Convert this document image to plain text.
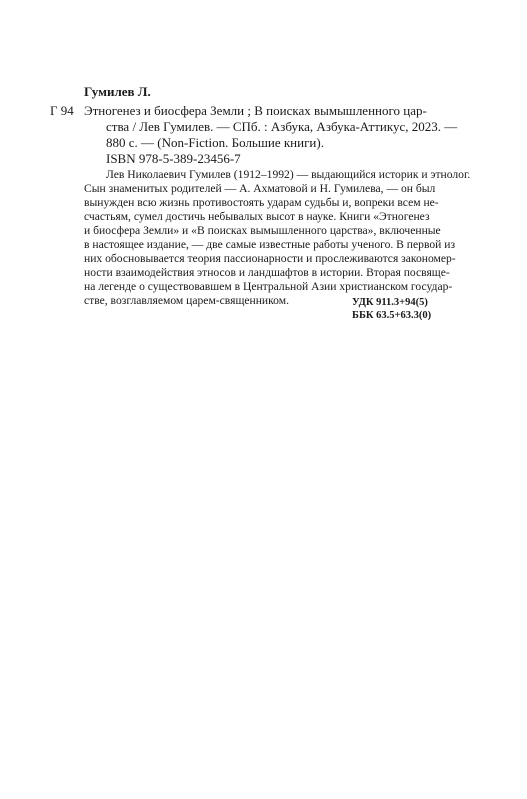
Гумилев Л.

Г 94 Этногенез и биосфера Земли ; В поисках вымышленного цар-
ства / Лев Гумилев. — СПб. : Азбука, Азбука-Аттикус, 2023. —
880 с. — (Non-Fiction. Большие книги).

ISBN 978-5-389-23456-7

Лев Николаевич Гумилев (1912–1992) — выдающийся историк и этнолог.
Сын знаменитых родителей — А. Ахматовой и Н. Гумилева, — он был
вынужден всю жизнь противостоять ударам судьбы и, вопреки всем не-
счастьям, сумел достичь небывалых высот в науке. Книги «Этногенез
и биосфера Земли» и «В поисках вымышленного царства», включенные
в настоящее издание, — две самые известные работы ученого. В первой из
них обосновывается теория пассионарности и прослеживаются закономер-
ности взаимодействия этносов и ландшафтов в истории. Вторая посвяще-
на легенде о существовавшем в Центральной Азии христианском государ-
стве, возглавляемом царем-священником.	УДК 911.3+94(5)
ББК 63.5+63.3(0)
